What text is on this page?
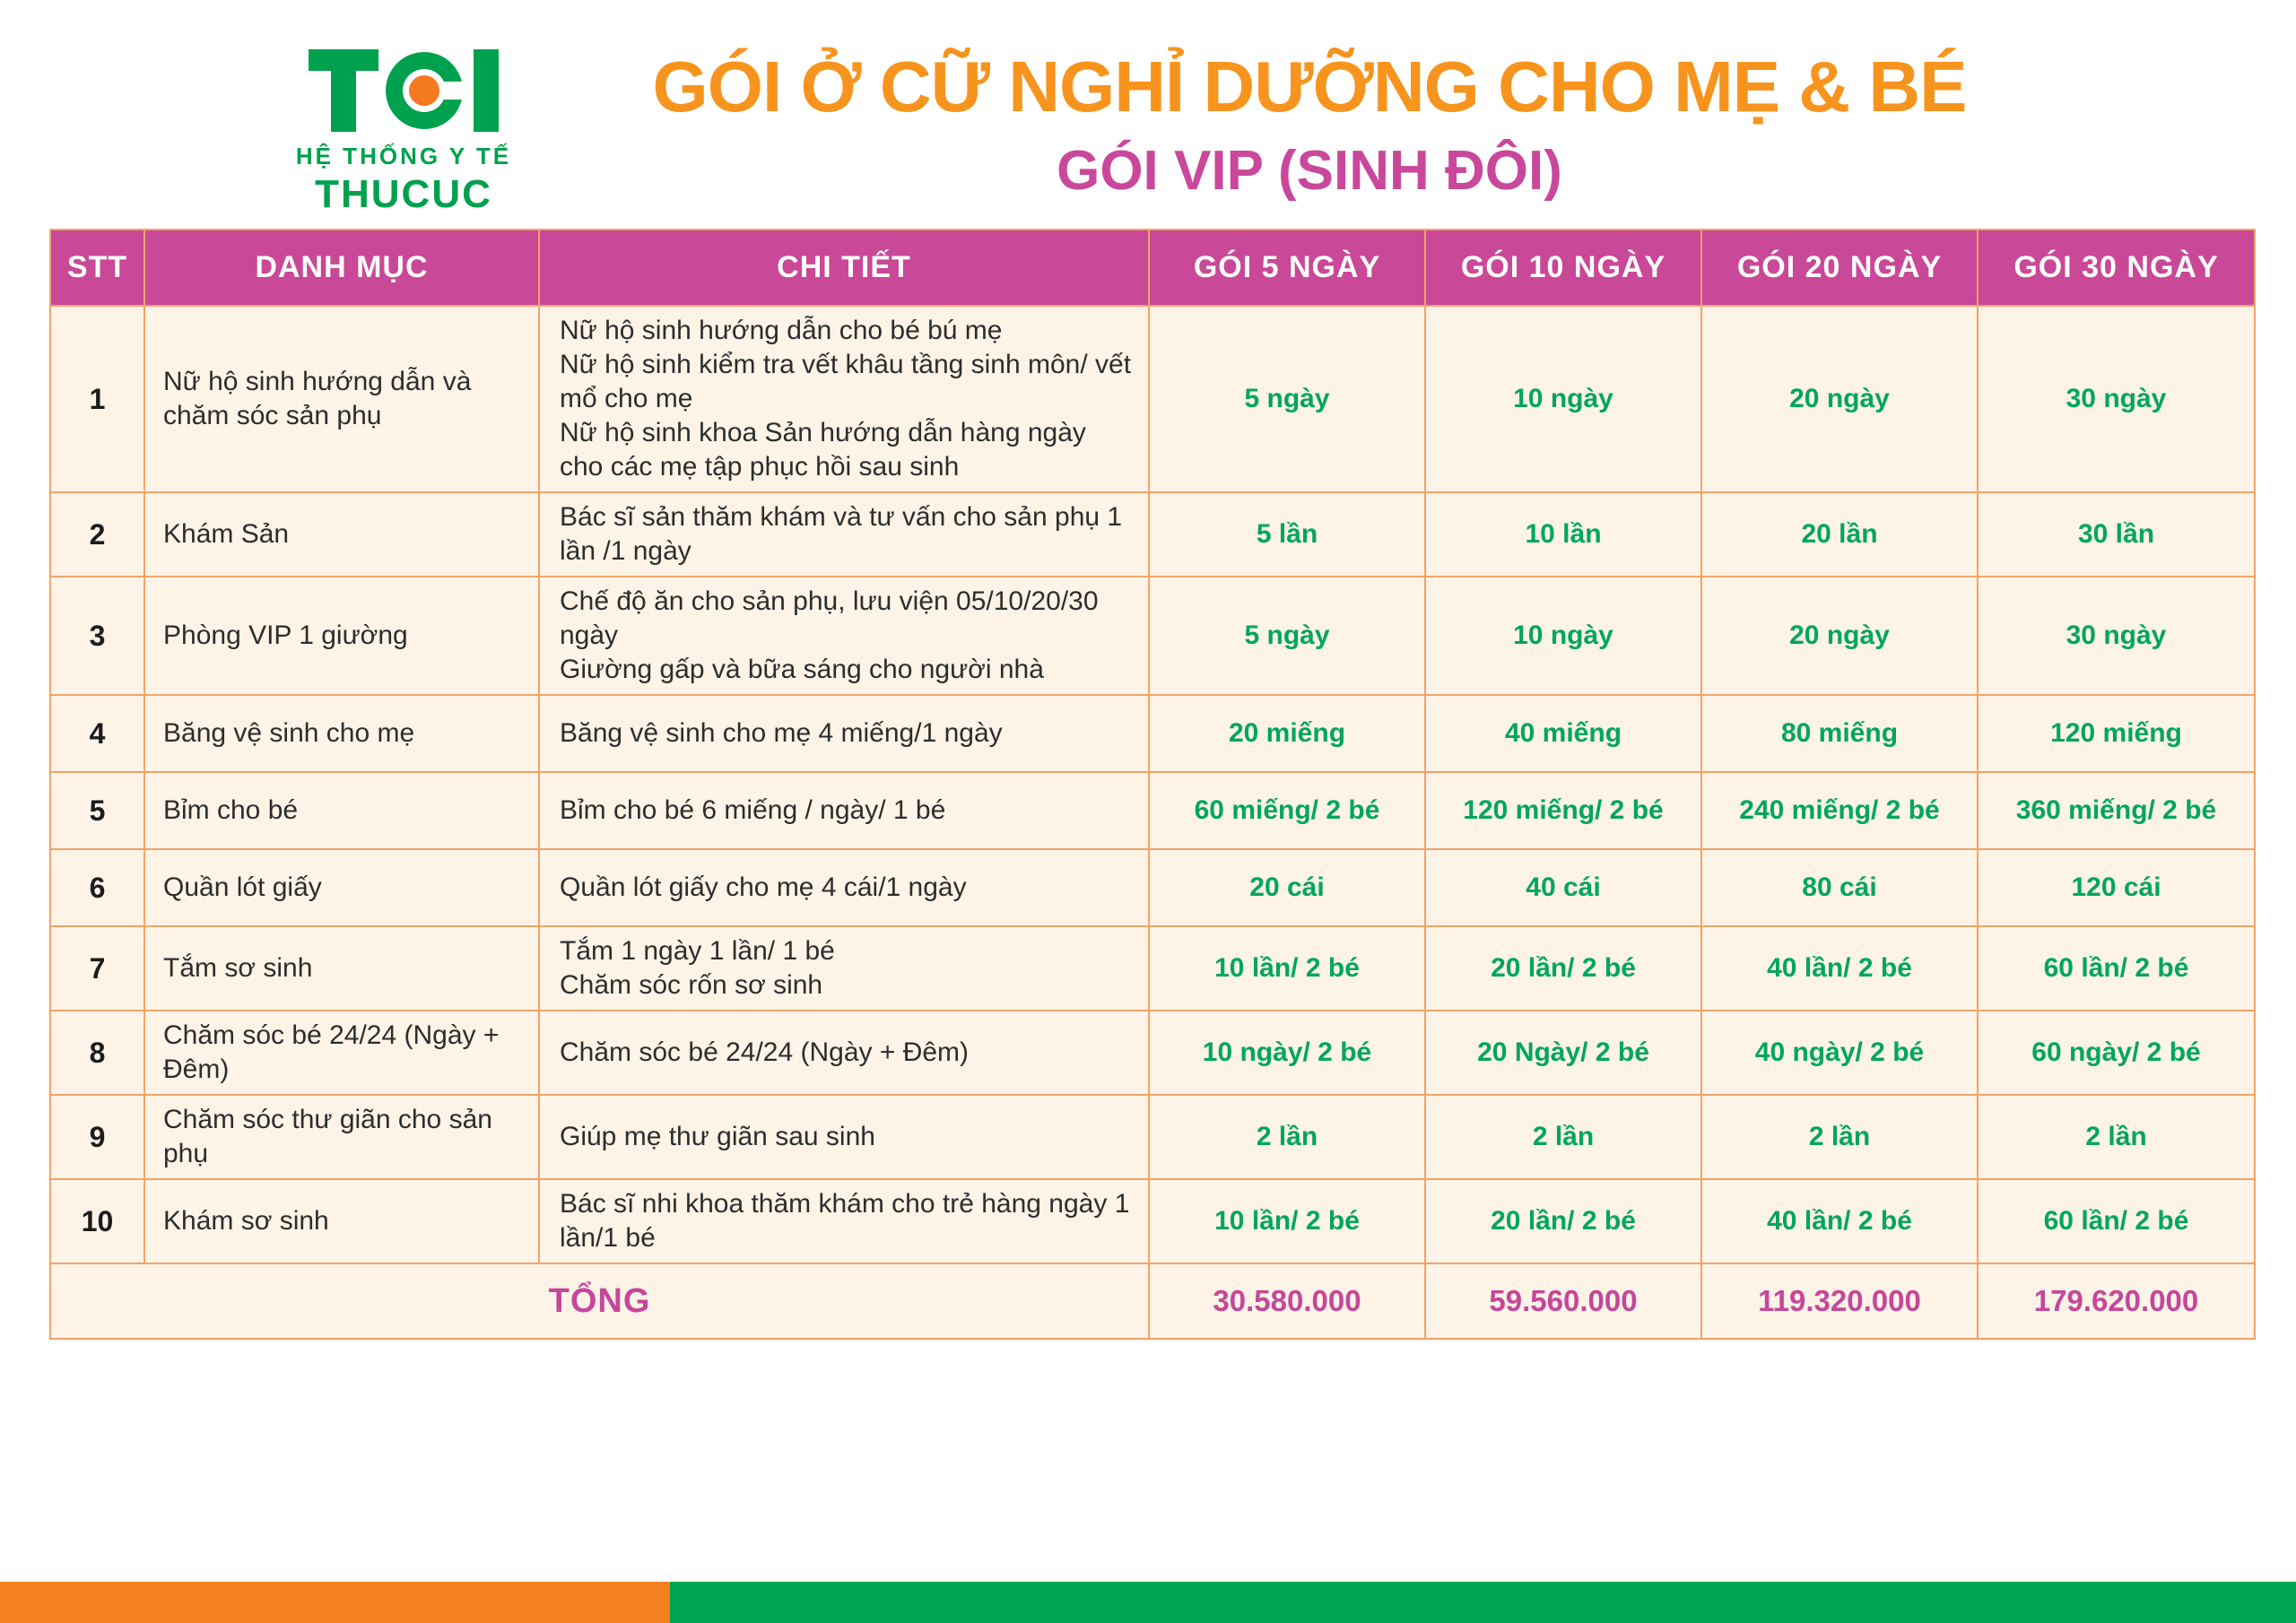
HỆ THỐNG Y TẾ
THUCUC
GÓI Ở CỮ NGHỈ DƯỠNG CHO MẸ & BÉ
GÓI VIP (SINH ĐÔI)
STT	DANH MỤC	CHI TIẾT	GÓI 5 NGÀY	GÓI 10 NGÀY	GÓI 20 NGÀY	GÓI 30 NGÀY
1	Nữ hộ sinh hướng dẫn và chăm sóc sản phụ	Nữ hộ sinh hướng dẫn cho bé bú mẹ
Nữ hộ sinh kiểm tra vết khâu tầng sinh môn/ vết mổ cho mẹ
Nữ hộ sinh khoa Sản hướng dẫn hàng ngày cho các mẹ tập phục hồi sau sinh	5 ngày	10 ngày	20 ngày	30 ngày
2	Khám Sản	Bác sĩ sản thăm khám và tư vấn cho sản phụ 1 lần /1 ngày	5 lần	10 lần	20 lần	30 lần
3	Phòng VIP 1 giường	Chế độ ăn cho sản phụ, lưu viện 05/10/20/30 ngày
Giường gấp và bữa sáng cho người nhà	5 ngày	10 ngày	20 ngày	30 ngày
4	Băng vệ sinh cho mẹ	Băng vệ sinh cho mẹ 4 miếng/1 ngày	20 miếng	40 miếng	80 miếng	120 miếng
5	Bỉm cho bé	Bỉm cho bé 6 miếng / ngày/ 1 bé	60 miếng/ 2 bé	120 miếng/ 2 bé	240 miếng/ 2 bé	360 miếng/ 2 bé
6	Quần lót giấy	Quần lót giấy cho mẹ 4 cái/1 ngày	20 cái	40 cái	80 cái	120 cái
7	Tắm sơ sinh	Tắm 1 ngày 1 lần/ 1 bé
Chăm sóc rốn sơ sinh	10 lần/ 2 bé	20 lần/ 2 bé	40 lần/ 2 bé	60 lần/ 2 bé
8	Chăm sóc bé 24/24 (Ngày + Đêm)	Chăm sóc bé 24/24 (Ngày + Đêm)	10 ngày/ 2 bé	20 Ngày/ 2 bé	40 ngày/ 2 bé	60 ngày/ 2 bé
9	Chăm sóc thư giãn cho sản phụ	Giúp mẹ thư giãn sau sinh	2 lần	2 lần	2 lần	2 lần
10	Khám sơ sinh	Bác sĩ nhi khoa thăm khám cho trẻ hàng ngày 1 lần/1 bé	10 lần/ 2 bé	20 lần/ 2 bé	40 lần/ 2 bé	60 lần/ 2 bé
TỔNG			30.580.000	59.560.000	119.320.000	179.620.000
